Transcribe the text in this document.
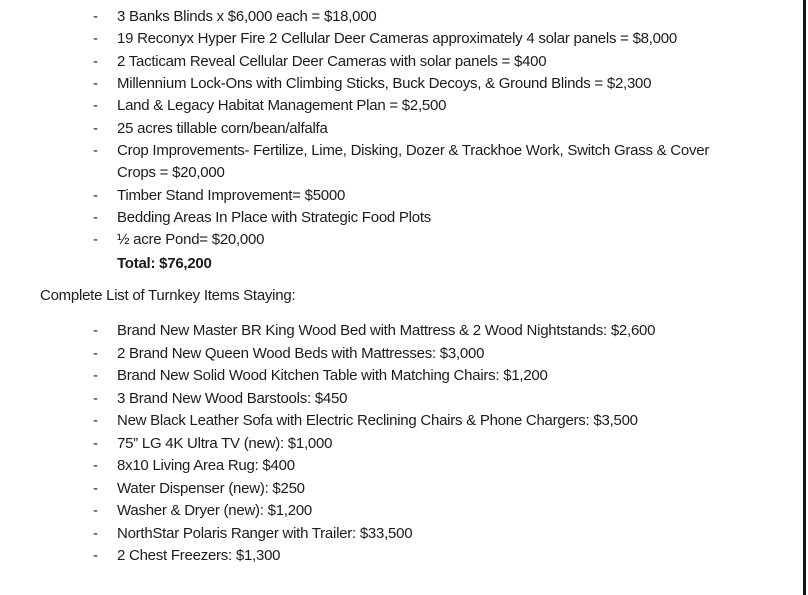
- 3 Banks Blinds x $6,000 each = $18,000
- 19 Reconyx Hyper Fire 2 Cellular Deer Cameras approximately 4 solar panels = $8,000
- 2 Tacticam Reveal Cellular Deer Cameras with solar panels = $400
- Millennium Lock-Ons with Climbing Sticks, Buck Decoys, & Ground Blinds = $2,300
- Land & Legacy Habitat Management Plan = $2,500
- 25 acres tillable corn/bean/alfalfa
- Crop Improvements- Fertilize, Lime, Disking, Dozer & Trackhoe Work, Switch Grass & Cover Crops = $20,000
- Timber Stand Improvement= $5000
- Bedding Areas In Place with Strategic Food Plots
- ½ acre Pond= $20,000
Total: $76,200
Complete List of Turnkey Items Staying:
- Brand New Master BR King Wood Bed with Mattress & 2 Wood Nightstands: $2,600
- 2 Brand New Queen Wood Beds with Mattresses: $3,000
- Brand New Solid Wood Kitchen Table with Matching Chairs: $1,200
- 3 Brand New Wood Barstools: $450
- New Black Leather Sofa with Electric Reclining Chairs & Phone Chargers: $3,500
- 75” LG 4K Ultra TV (new): $1,000
- 8x10 Living Area Rug: $400
- Water Dispenser (new): $250
- Washer & Dryer (new): $1,200
- NorthStar Polaris Ranger with Trailer: $33,500
- 2 Chest Freezers: $1,300
